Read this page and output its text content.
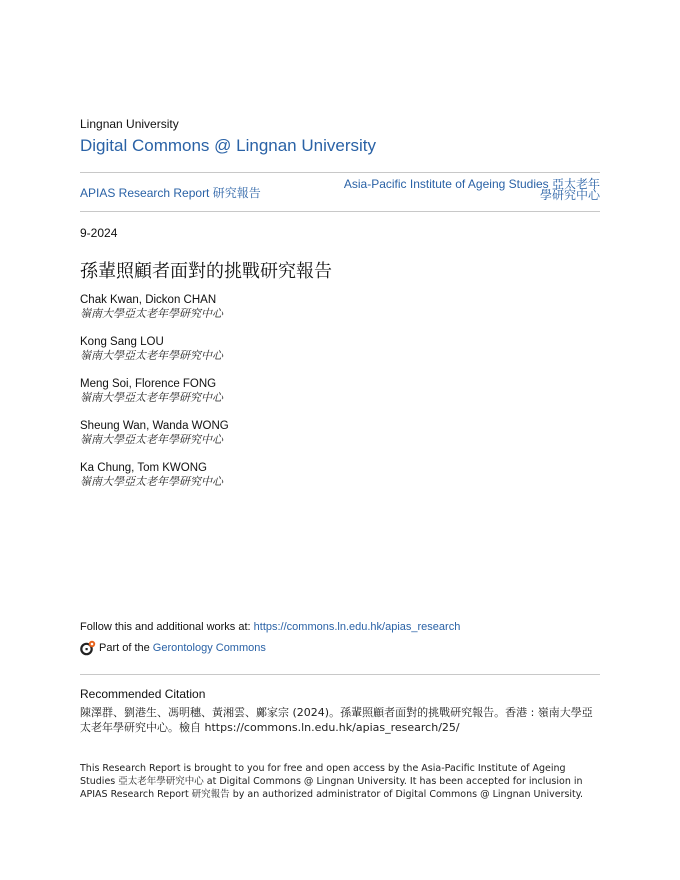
Lingnan University
Digital Commons @ Lingnan University
APIAS Research Report 研究報告
Asia-Pacific Institute of Ageing Studies 亞太老年學研究中心
9-2024
孫輩照顧者面對的挑戰研究報告
Chak Kwan, Dickon CHAN
嶺南大學亞太老年學研究中心
Kong Sang LOU
嶺南大學亞太老年學研究中心
Meng Soi, Florence FONG
嶺南大學亞太老年學研究中心
Sheung Wan, Wanda WONG
嶺南大學亞太老年學研究中心
Ka Chung, Tom KWONG
嶺南大學亞太老年學研究中心
Follow this and additional works at: https://commons.ln.edu.hk/apias_research
Part of the Gerontology Commons
Recommended Citation
陳澤群、劉港生、馮明穗、黃湘雲、鄺家宗 (2024)。孫輩照顧者面對的挑戰研究報告。香港 : 嶺南大學亞太老年學研究中心。檢自 https://commons.ln.edu.hk/apias_research/25/
This Research Report is brought to you for free and open access by the Asia-Pacific Institute of Ageing Studies 亞太老年學研究中心 at Digital Commons @ Lingnan University. It has been accepted for inclusion in APIAS Research Report 研究報告 by an authorized administrator of Digital Commons @ Lingnan University.
